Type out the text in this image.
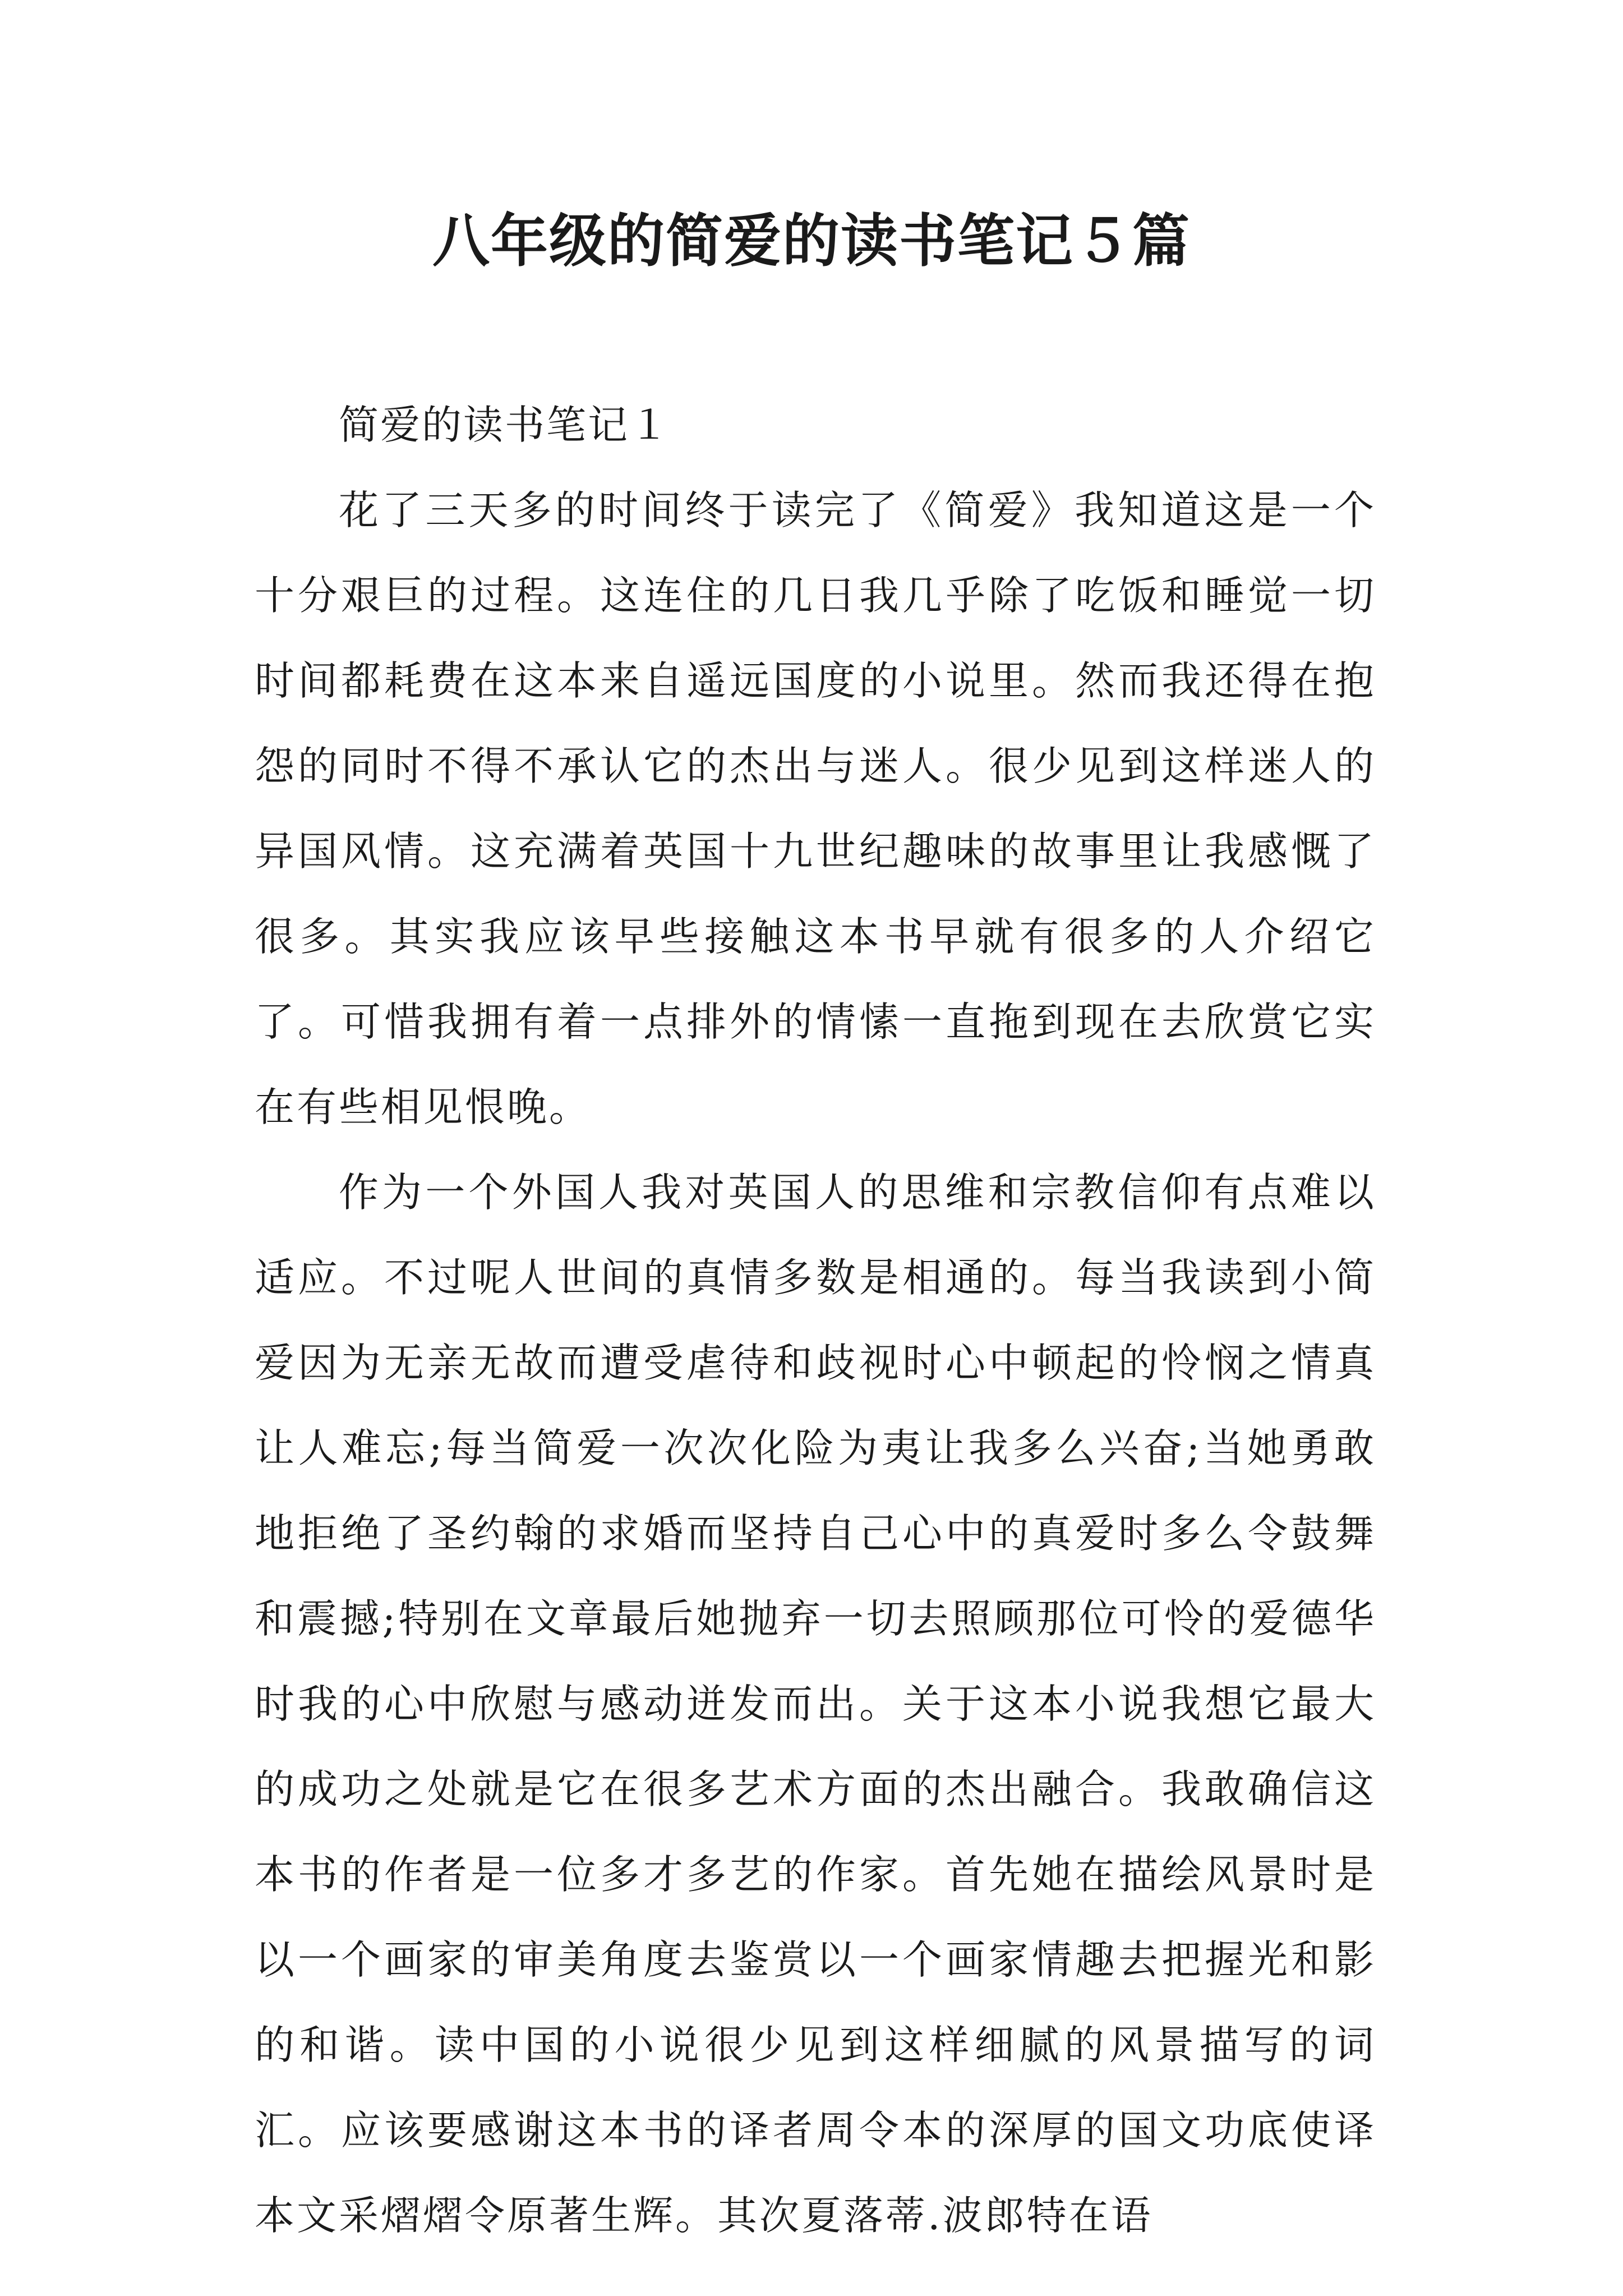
八年级的简爱的读书笔记５篇

简爱的读书笔记１

花了三天多的时间终于读完了《简爱》我知道这是一个十分艰巨的过程。这连住的几日我几乎除了吃饭和睡觉一切时间都耗费在这本来自遥远国度的小说里。然而我还得在抱怨的同时不得不承认它的杰出与迷人。很少见到这样迷人的异国风情。这充满着英国十九世纪趣味的故事里让我感慨了很多。其实我应该早些接触这本书早就有很多的人介绍它了。可惜我拥有着一点排外的情愫一直拖到现在去欣赏它实在有些相见恨晚。

作为一个外国人我对英国人的思维和宗教信仰有点难以适应。不过呢人世间的真情多数是相通的。每当我读到小简爱因为无亲无故而遭受虐待和歧视时心中顿起的怜悯之情真让人难忘;每当简爱一次次化险为夷让我多么兴奋;当她勇敢地拒绝了圣约翰的求婚而坚持自己心中的真爱时多么令鼓舞和震撼;特别在文章最后她抛弃一切去照顾那位可怜的爱德华时我的心中欣慰与感动迸发而出。关于这本小说我想它最大的成功之处就是它在很多艺术方面的杰出融合。我敢确信这本书的作者是一位多才多艺的作家。首先她在描绘风景时是以一个画家的审美角度去鉴赏以一个画家情趣去把握光和影的和谐。读中国的小说很少见到这样细腻的风景描写的词汇。应该要感谢这本书的译者周令本的深厚的国文功底使译本文采熠熠令原著生辉。其次夏落蒂.波郎特在语
